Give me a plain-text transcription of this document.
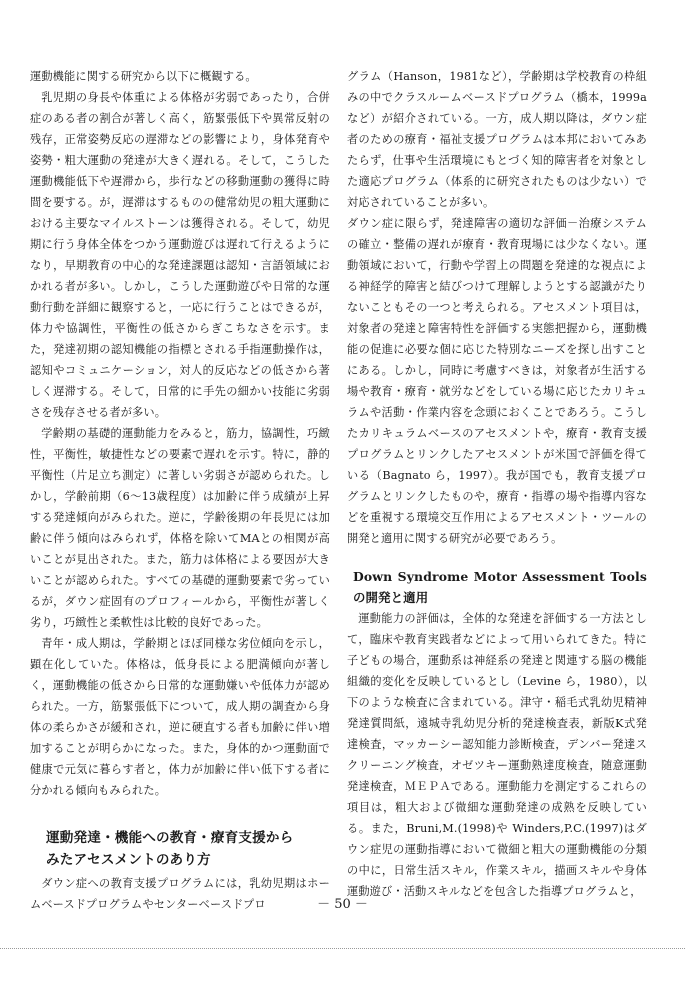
運動機能に関する研究から以下に概観する。

乳児期の身長や体重による体格が劣弱であったり，合併症のある者の割合が著しく高く，筋緊張低下や異常反射の残存，正常姿勢反応の遅滞などの影響により，身体発育や姿勢・粗大運動の発達が大きく遅れる。そして，こうした運動機能低下や遅滞から，歩行などの移動運動の獲得に時間を要する。が，遅滞はするものの健常幼児の粗大運動における主要なマイルストーンは獲得される。そして，幼児期に行う身体全体をつかう運動遊びは遅れて行えるようになり，早期教育の中心的な発達課題は認知・言語領域におかれる者が多い。しかし，こうした運動遊びや日常的な運動行動を詳細に観察すると，一応に行うことはできるが，体力や協調性，平衡性の低さからぎこちなさを示す。また，発達初期の認知機能の指標とされる手指運動操作は，認知やコミュニケーション，対人的反応などの低さから著しく遅滞する。そして，日常的に手先の細かい技能に劣弱さを残存させる者が多い。

学齢期の基礎的運動能力をみると，筋力，協調性，巧緻性，平衡性，敏捷性などの要素で遅れを示す。特に，静的平衡性（片足立ち測定）に著しい劣弱さが認められた。しかし，学齢前期（6～13歳程度）は加齢に伴う成績が上昇する発達傾向がみられた。逆に，学齢後期の年長児には加齢に伴う傾向はみられず，体格を除いてMAとの相関が高いことが見出された。また，筋力は体格による要因が大きいことが認められた。すべての基礎的運動要素で劣っているが，ダウン症固有のプロフィールから，平衡性が著しく劣り，巧緻性と柔軟性は比較的良好であった。

青年・成人期は，学齢期とほぼ同様な劣位傾向を示し，顕在化していた。体格は，低身長による肥満傾向が著しく，運動機能の低さから日常的な運動嫌いや低体力が認められた。一方，筋緊張低下について，成人期の調査から身体の柔らかさが緩和され，逆に硬直する者も加齢に伴い増加することが明らかになった。また，身体的かつ運動面で健康で元気に暮らす者と，体力が加齢に伴い低下する者に分かれる傾向もみられた。

運動発達・機能への教育・療育支援から
みたアセスメントのあり方

ダウン症への教育支援プログラムには，乳幼児期はホームベースドプログラムやセンターベースドプロ

グラム（Hanson，1981など），学齢期は学校教育の枠組みの中でクラスルームベースドプログラム（橋本，1999aなど）が紹介されている。一方，成人期以降は，ダウン症者のための療育・福祉支援プログラムは本邦においてみあたらず，仕事や生活環境にもとづく知的障害者を対象とした適応プログラム（体系的に研究されたものは少ない）で対応されていることが多い。

ダウン症に限らず，発達障害の適切な評価－治療システムの確立・整備の遅れが療育・教育現場には少なくない。運動領域において，行動や学習上の問題を発達的な視点による神経学的障害と結びつけて理解しようとする認識がたりないこともその一つと考えられる。アセスメント項目は，対象者の発達と障害特性を評価する実態把握から，運動機能の促進に必要な個に応じた特別なニーズを探し出すことにある。しかし，同時に考慮すべきは，対象者が生活する場や教育・療育・就労などをしている場に応じたカリキュラムや活動・作業内容を念頭におくことであろう。こうしたカリキュラムベースのアセスメントや，療育・教育支援プログラムとリンクしたアセスメントが米国で評価を得ている（Bagnato ら，1997）。我が国でも，教育支援プログラムとリンクしたものや，療育・指導の場や指導内容などを重視する環境交互作用によるアセスメント・ツールの開発と適用に関する研究が必要であろう。

Down Syndrome Motor Assessment Tools の開発と適用

運動能力の評価は，全体的な発達を評価する一方法として，臨床や教育実践者などによって用いられてきた。特に子どもの場合，運動系は神経系の発達と関連する脳の機能組織的変化を反映しているとし（Levine ら，1980），以下のような検査に含まれている。津守・稲毛式乳幼児精神発達質問紙，遠城寺乳幼児分析的発達検査表，新版K式発達検査，マッカーシー認知能力診断検査，デンバー発達スクリーニング検査，オゼツキー運動熟達度検査，随意運動発達検査，ＭＥＰＡである。運動能力を測定するこれらの項目は，粗大および微細な運動発達の成熟を反映している。また，Bruni,M.(1998)や Winders,P.C.(1997)はダウン症児の運動指導において微細と粗大の運動機能の分類の中に，日常生活スキル，作業スキル，描画スキルや身体運動遊び・活動スキルなどを包含した指導プログラムと，

－ 50 －
